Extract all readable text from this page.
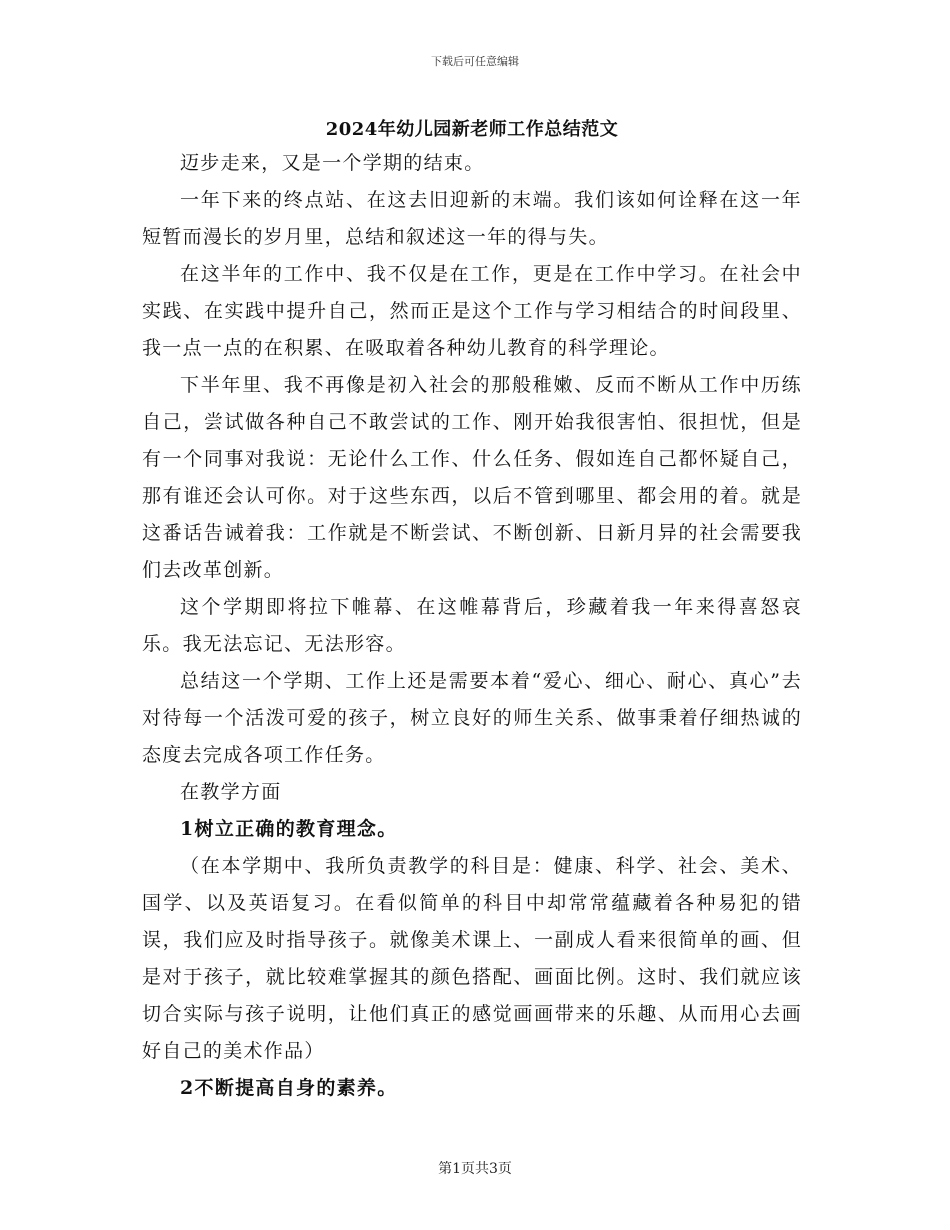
下载后可任意编辑
2024年幼儿园新老师工作总结范文

迈步走来，又是一个学期的结束。

一年下来的终点站、在这去旧迎新的末端。我们该如何诠释在这一年短暂而漫长的岁月里，总结和叙述这一年的得与失。

在这半年的工作中、我不仅是在工作，更是在工作中学习。在社会中实践、在实践中提升自己，然而正是这个工作与学习相结合的时间段里、我一点一点的在积累、在吸取着各种幼儿教育的科学理论。

下半年里、我不再像是初入社会的那般稚嫩、反而不断从工作中历练自己，尝试做各种自己不敢尝试的工作、刚开始我很害怕、很担忧，但是有一个同事对我说：无论什么工作、什么任务、假如连自己都怀疑自己，那有谁还会认可你。对于这些东西，以后不管到哪里、都会用的着。就是这番话告诫着我：工作就是不断尝试、不断创新、日新月异的社会需要我们去改革创新。

这个学期即将拉下帷幕、在这帷幕背后，珍藏着我一年来得喜怒哀乐。我无法忘记、无法形容。

总结这一个学期、工作上还是需要本着“爱心、细心、耐心、真心”去对待每一个活泼可爱的孩子，树立良好的师生关系、做事秉着仔细热诚的态度去完成各项工作任务。

在教学方面

1树立正确的教育理念。

（在本学期中、我所负责教学的科目是：健康、科学、社会、美术、国学、以及英语复习。在看似简单的科目中却常常蕴藏着各种易犯的错误，我们应及时指导孩子。就像美术课上、一副成人看来很简单的画、但是对于孩子，就比较难掌握其的颜色搭配、画面比例。这时、我们就应该切合实际与孩子说明，让他们真正的感觉画画带来的乐趣、从而用心去画好自己的美术作品）

2不断提高自身的素养。

第1页共3页
